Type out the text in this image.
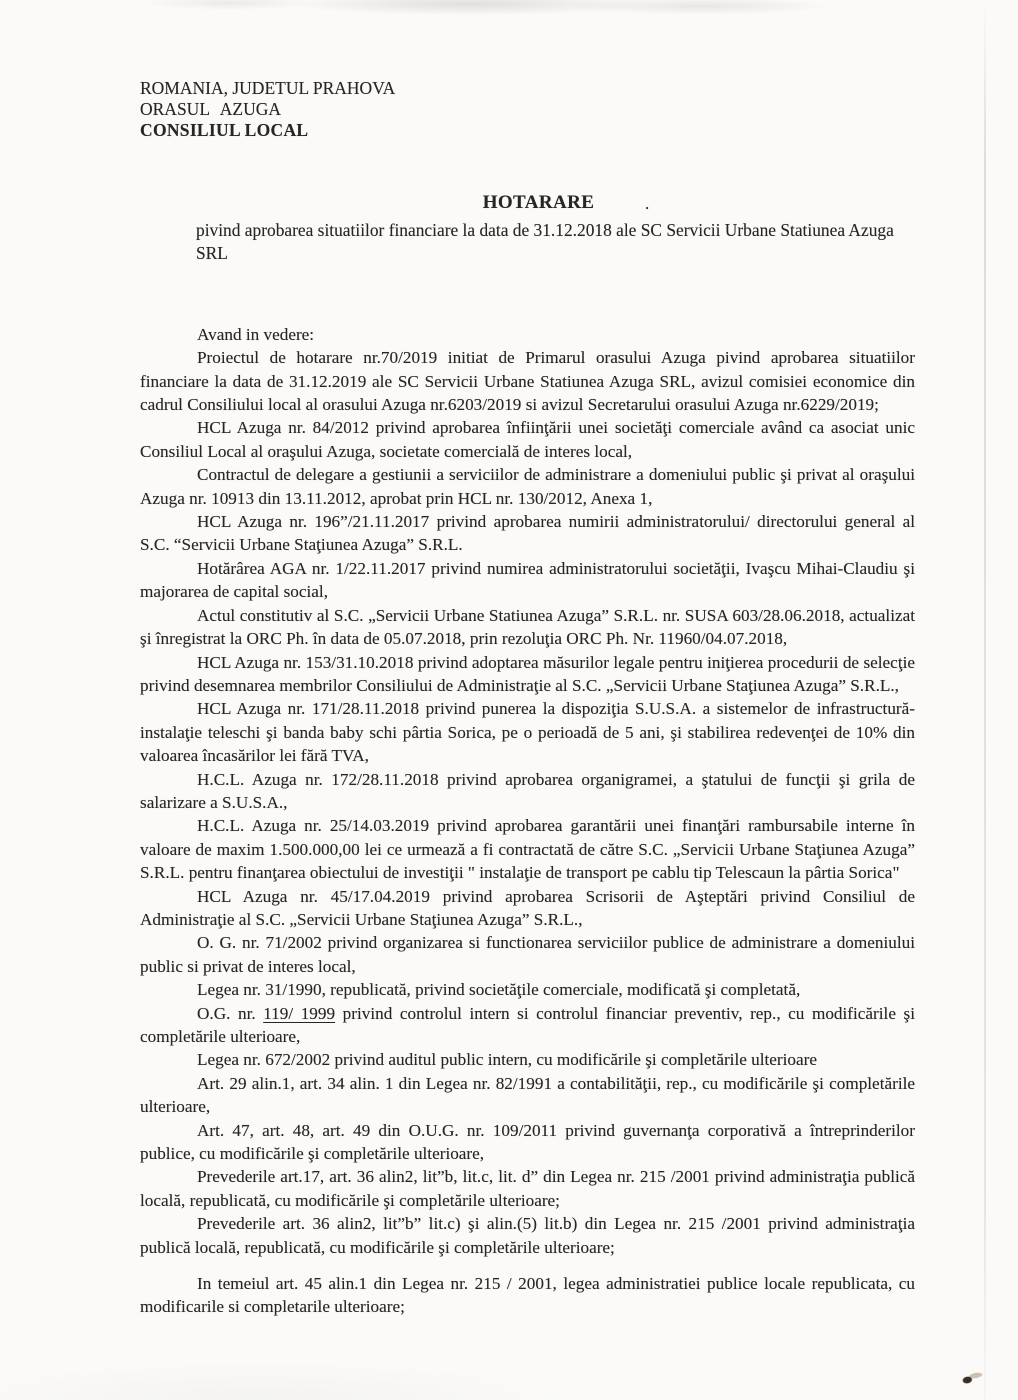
ROMANIA, JUDETUL PRAHOVA
ORASUL AZUGA
CONSILIUL LOCAL
HOTARARE	.
pivind aprobarea situatiilor financiare la data de 31.12.2018 ale SC Servicii Urbane Statiunea Azuga SRL

Avand in vedere:

Proiectul de hotarare nr.70/2019 initiat de Primarul orasului Azuga pivind aprobarea situatiilor financiare la data de 31.12.2019 ale SC Servicii Urbane Statiunea Azuga SRL, avizul comisiei economice din cadrul Consiliului local al orasului Azuga nr.6203/2019 si avizul Secretarului orasului Azuga nr.6229/2019;

HCL Azuga nr. 84/2012 privind aprobarea înfiinţării unei societăţi comerciale având ca asociat unic Consiliul Local al oraşului Azuga, societate comercială de interes local,

Contractul de delegare a gestiunii a serviciilor de administrare a domeniului public şi privat al oraşului Azuga nr. 10913 din 13.11.2012, aprobat prin HCL nr. 130/2012, Anexa 1,

HCL Azuga nr. 196”/21.11.2017 privind aprobarea numirii administratorului/ directorului general al S.C. “Servicii Urbane Staţiunea Azuga” S.R.L.

Hotărârea AGA nr. 1/22.11.2017 privind numirea administratorului societăţii, Ivaşcu Mihai-Claudiu şi majorarea de capital social,

Actul constitutiv al S.C. „Servicii Urbane Statiunea Azuga” S.R.L. nr. SUSA 603/28.06.2018, actualizat şi înregistrat la ORC Ph. în data de 05.07.2018, prin rezoluţia ORC Ph. Nr. 11960/04.07.2018,

HCL Azuga nr. 153/31.10.2018 privind adoptarea măsurilor legale pentru iniţierea procedurii de selecţie privind desemnarea membrilor Consiliului de Administraţie al S.C. „Servicii Urbane Staţiunea Azuga” S.R.L.,

HCL Azuga nr. 171/28.11.2018 privind punerea la dispoziţia S.U.S.A. a sistemelor de infrastructură-instalaţie teleschi şi banda baby schi pârtia Sorica, pe o perioadă de 5 ani, şi stabilirea redevenţei de 10% din valoarea încasărilor lei fără TVA,

H.C.L. Azuga nr. 172/28.11.2018 privind aprobarea organigramei, a ştatului de funcţii şi grila de salarizare a S.U.S.A.,

H.C.L. Azuga nr. 25/14.03.2019 privind aprobarea garantării unei finanţări rambursabile interne în valoare de maxim 1.500.000,00 lei ce urmează a fi contractată de către S.C. „Servicii Urbane Staţiunea Azuga” S.R.L. pentru finanţarea obiectului de investiţii " instalaţie de transport pe cablu tip Telescaun la pârtia Sorica"

HCL Azuga nr. 45/17.04.2019 privind aprobarea Scrisorii de Aşteptări privind Consiliul de Administraţie al S.C. „Servicii Urbane Staţiunea Azuga” S.R.L.,

O. G. nr. 71/2002 privind organizarea si functionarea serviciilor publice de administrare a domeniului public si privat de interes local,

Legea nr. 31/1990, republicată, privind societăţile comerciale, modificată şi completată,

O.G. nr. 119/ 1999 privind controlul intern si controlul financiar preventiv, rep., cu modificările şi completările ulterioare,

Legea nr. 672/2002 privind auditul public intern, cu modificările şi completările ulterioare

Art. 29 alin.1, art. 34 alin. 1 din Legea nr. 82/1991 a contabilităţii, rep., cu modificările şi completările ulterioare,

Art. 47, art. 48, art. 49 din O.U.G. nr. 109/2011 privind guvernanţa corporativă a întreprinderilor publice, cu modificările şi completările ulterioare,

Prevederile art.17, art. 36 alin2, lit”b, lit.c, lit. d” din Legea nr. 215 /2001 privind administraţia publică locală, republicată, cu modificările şi completările ulterioare;

Prevederile art. 36 alin2, lit”b” lit.c) şi alin.(5) lit.b) din Legea nr. 215 /2001 privind administraţia publică locală, republicată, cu modificările şi completările ulterioare;

In temeiul art. 45 alin.1 din Legea nr. 215 / 2001, legea administratiei publice locale republicata, cu modificarile si completarile ulterioare;
